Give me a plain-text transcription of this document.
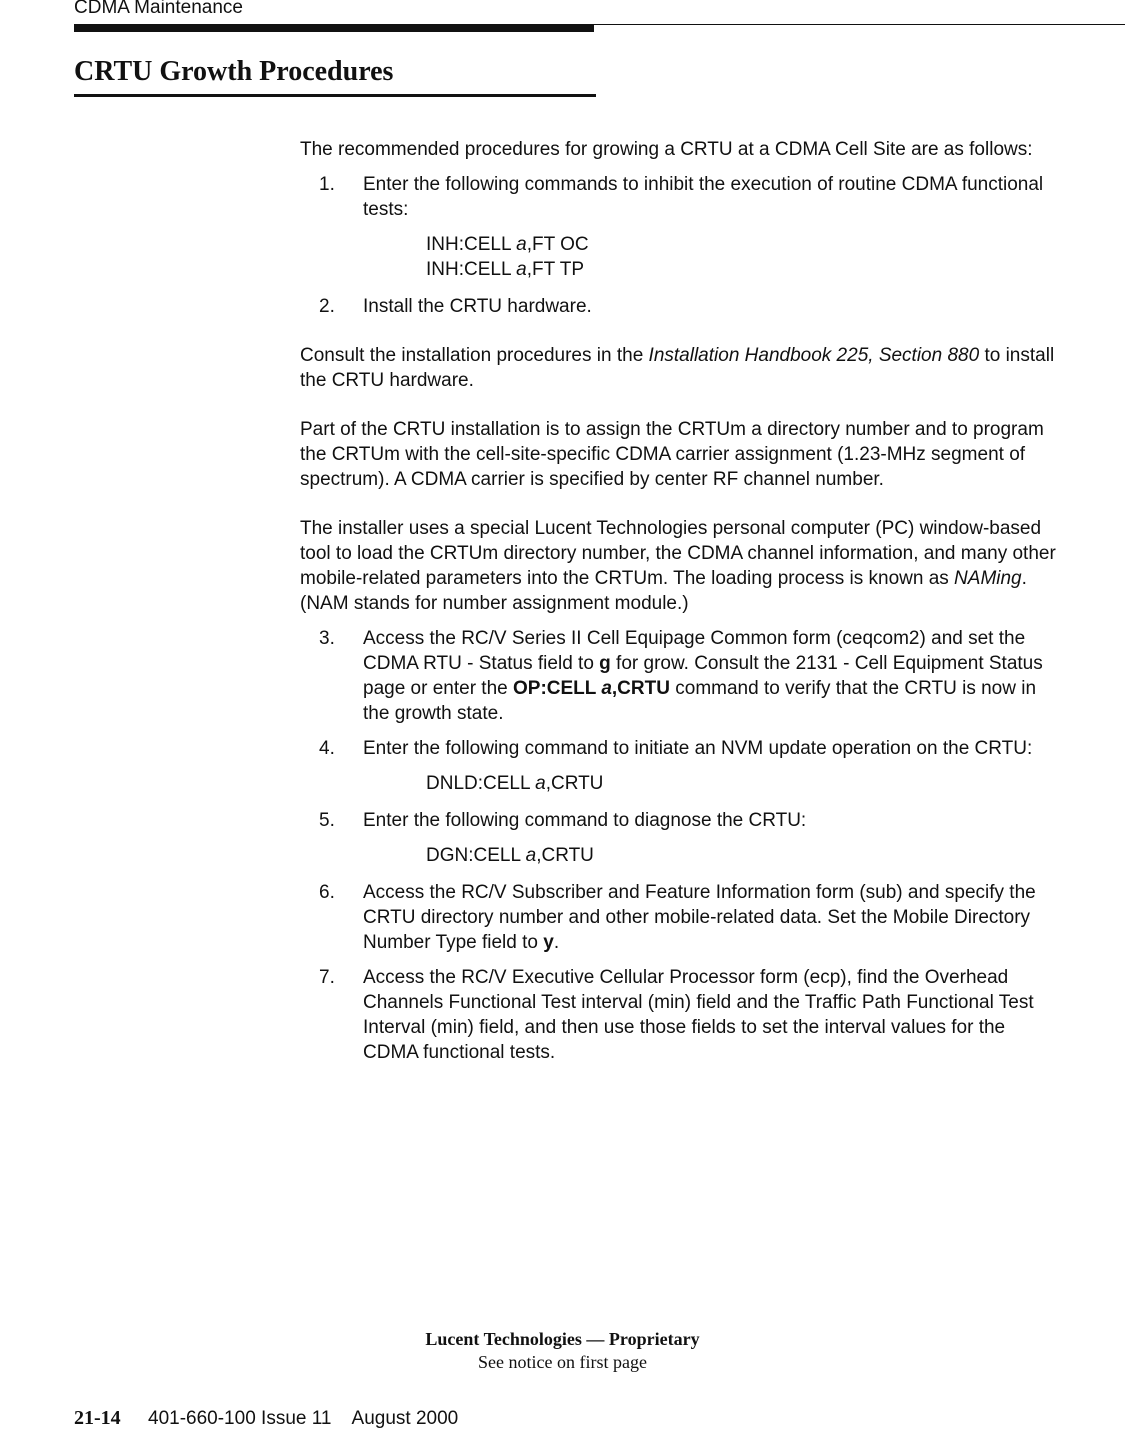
CDMA Maintenance
CRTU Growth Procedures

The recommended procedures for growing a CRTU at a CDMA Cell Site are as follows:

1. Enter the following commands to inhibit the execution of routine CDMA functional tests:
INH:CELL a,FT OC
INH:CELL a,FT TP
2. Install the CRTU hardware.

Consult the installation procedures in the Installation Handbook 225, Section 880 to install the CRTU hardware.

Part of the CRTU installation is to assign the CRTUm a directory number and to program the CRTUm with the cell-site-specific CDMA carrier assignment (1.23-MHz segment of spectrum). A CDMA carrier is specified by center RF channel number.

The installer uses a special Lucent Technologies personal computer (PC) window-based tool to load the CRTUm directory number, the CDMA channel information, and many other mobile-related parameters into the CRTUm. The loading process is known as NAMing. (NAM stands for number assignment module.)

3. Access the RC/V Series II Cell Equipage Common form (ceqcom2) and set the CDMA RTU - Status field to g for grow. Consult the 2131 - Cell Equipment Status page or enter the OP:CELL a,CRTU command to verify that the CRTU is now in the growth state.
4. Enter the following command to initiate an NVM update operation on the CRTU:
DNLD:CELL a,CRTU
5. Enter the following command to diagnose the CRTU:
DGN:CELL a,CRTU
6. Access the RC/V Subscriber and Feature Information form (sub) and specify the CRTU directory number and other mobile-related data. Set the Mobile Directory Number Type field to y.
7. Access the RC/V Executive Cellular Processor form (ecp), find the Overhead Channels Functional Test interval (min) field and the Traffic Path Functional Test Interval (min) field, and then use those fields to set the interval values for the CDMA functional tests.
Lucent Technologies — Proprietary
See notice on first page
21-14 401-660-100 Issue 11    August 2000
